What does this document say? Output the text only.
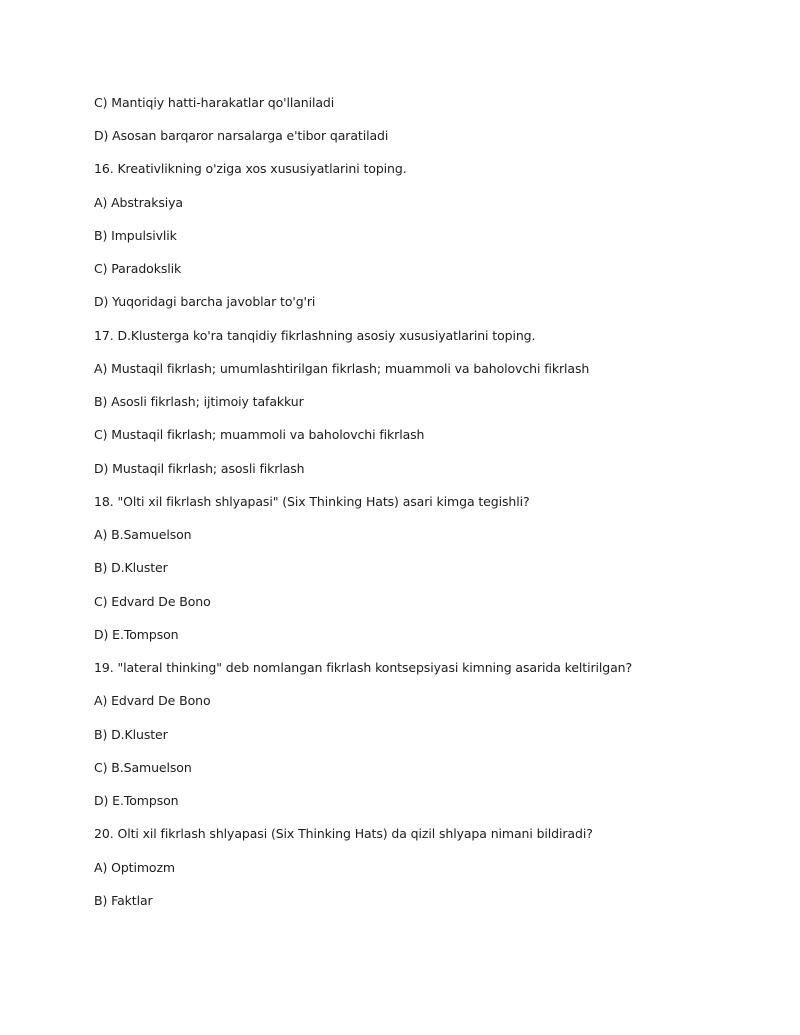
C) Mantiqiy hatti-harakatlar qo'llaniladi
D) Asosan barqaror narsalarga e'tibor qaratiladi
16. Kreativlikning o'ziga xos xususiyatlarini toping.
A) Abstraksiya
B) Impulsivlik
C) Paradokslik
D) Yuqoridagi barcha javoblar to'g'ri
17. D.Klusterga ko'ra tanqidiy fikrlashning asosiy xususiyatlarini toping.
A) Mustaqil fikrlash; umumlashtirilgan fikrlash; muammoli va baholovchi fikrlash
B) Asosli fikrlash; ijtimoiy tafakkur
C) Mustaqil fikrlash; muammoli va baholovchi fikrlash
D) Mustaqil fikrlash; asosli fikrlash
18. "Olti xil fikrlash shlyapasi" (Six Thinking Hats) asari kimga tegishli?
A) B.Samuelson
B) D.Kluster
C) Edvard De Bono
D) E.Tompson
19. "lateral thinking" deb nomlangan fikrlash kontsepsiyasi kimning asarida keltirilgan?
A) Edvard De Bono
B) D.Kluster
C) B.Samuelson
D) E.Tompson
20. Olti xil fikrlash shlyapasi (Six Thinking Hats) da qizil shlyapa nimani bildiradi?
A) Optimozm
B) Faktlar
